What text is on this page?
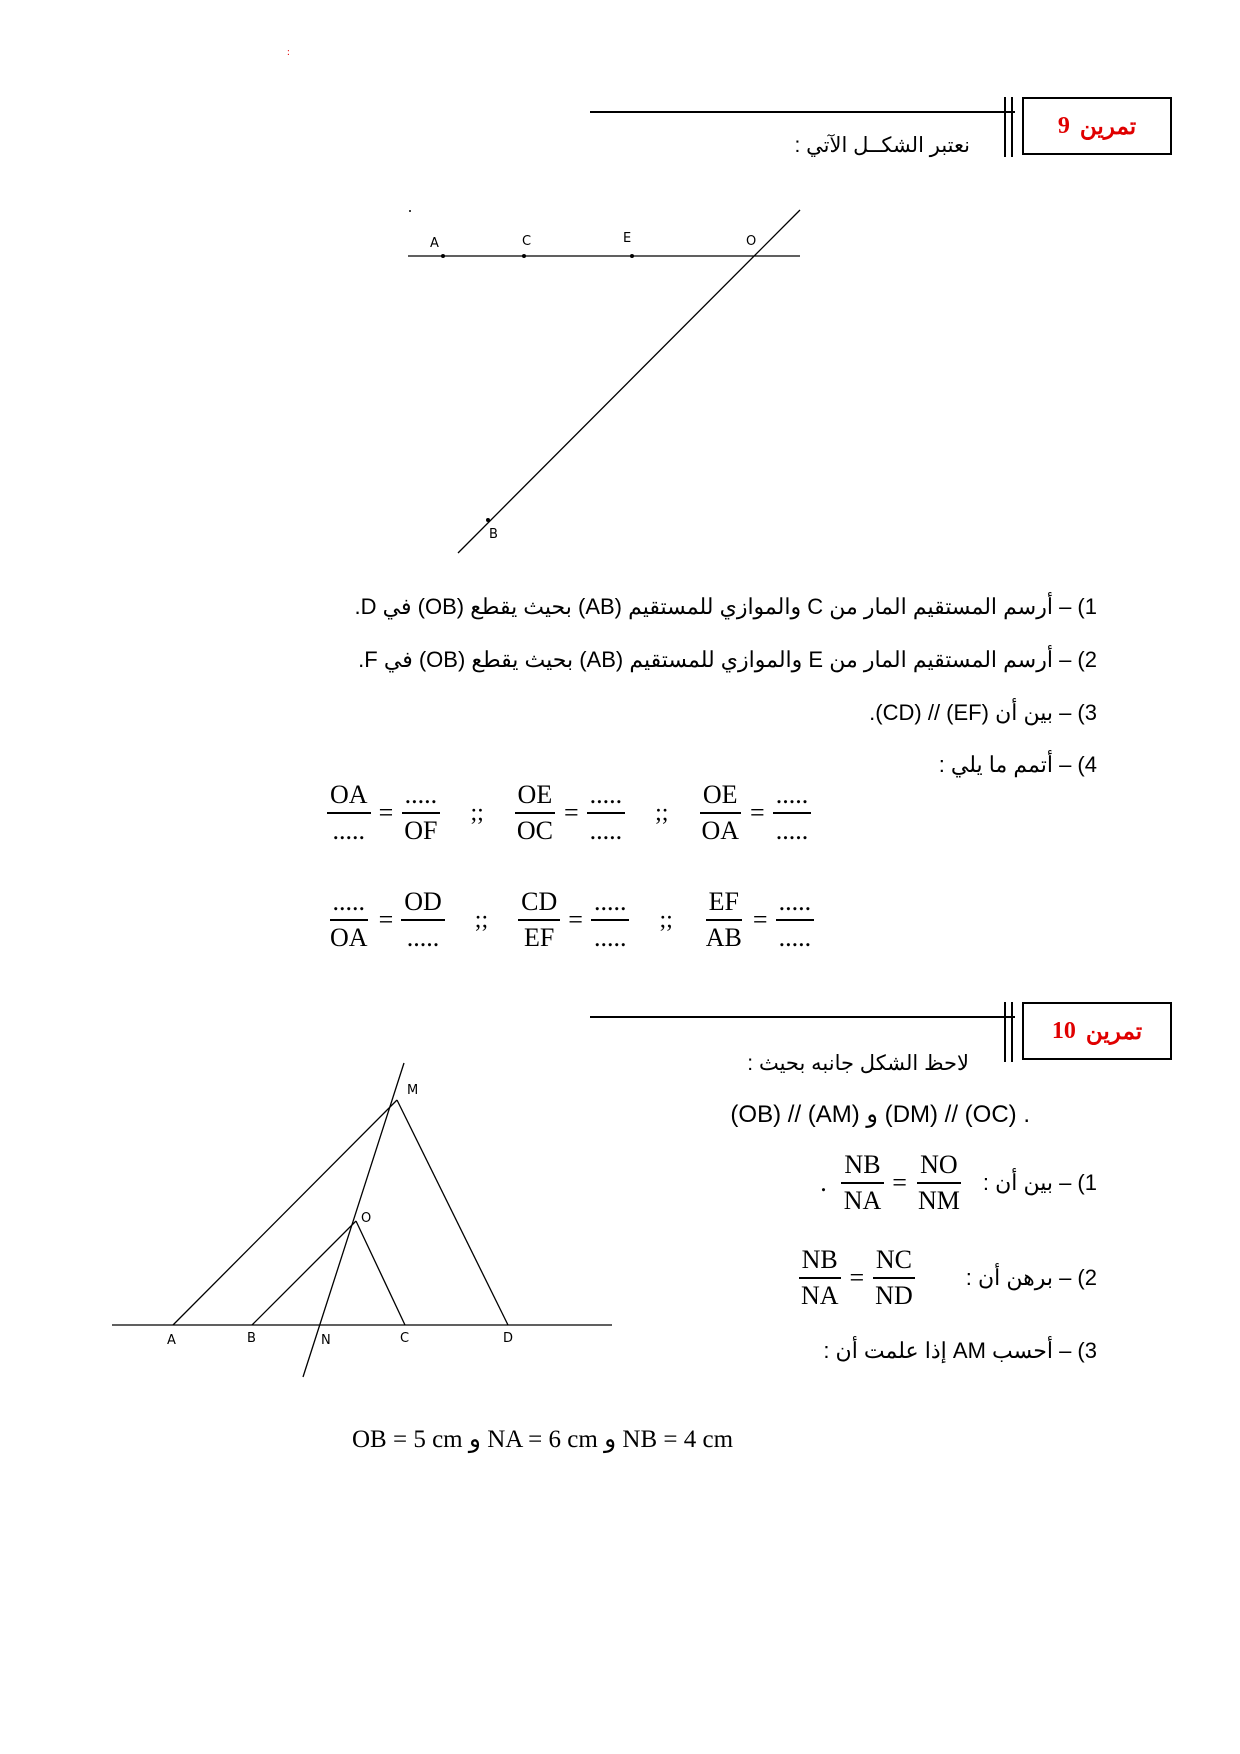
:
تمرين
9
نعتبر الشكــل الآتي :
A	C	E	O
B
1) – أرسم المستقيم المار من C والموازي للمستقيم (AB) بحيث يقطع (OB) في D.
2) – أرسم المستقيم المار من E والموازي للمستقيم (AB) بحيث يقطع (OB) في F.
3) – بين أن (EF) // (CD).
4) – أتمم ما يلي :
$\frac{OA}{.....} = \frac{.....}{OF}$ ;; $\frac{OE}{OC} = \frac{.....}{.....}$ ;; $\frac{OE}{OA} = \frac{.....}{.....}$
$\frac{.....}{OA} = \frac{OD}{.....}$ ;; $\frac{CD}{EF} = \frac{.....}{.....}$ ;; $\frac{EF}{AB} = \frac{.....}{.....}$
تمرين
10
لاحظ الشكل جانبه بحيث :
M
O
A	B	N	C	D
. (OC) // (DM) و (AM) // (OB)
1) – بين أن :
. $\frac{NB}{NA} = \frac{NO}{NM}$
2) – برهن أن :
$\frac{NB}{NA} = \frac{NC}{ND}$
3) – أحسب AM إذا علمت أن :
OB = 5 cm و NA = 6 cm و NB = 4 cm
